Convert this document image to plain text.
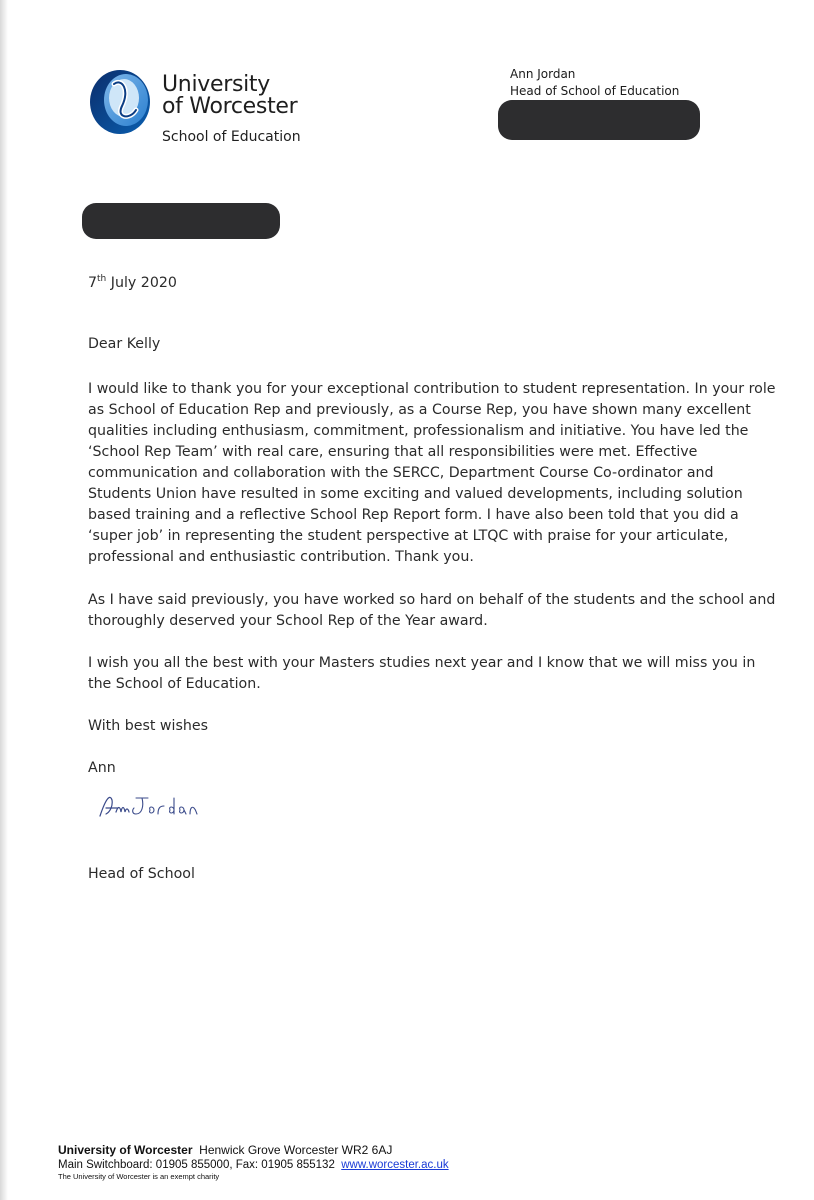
University
of Worcester
School of Education
Ann Jordan
Head of School of Education

7th July 2020

Dear Kelly

I would like to thank you for your exceptional contribution to student representation. In your role as School of Education Rep and previously, as a Course Rep, you have shown many excellent qualities including enthusiasm, commitment, professionalism and initiative. You have led the ‘School Rep Team’ with real care, ensuring that all responsibilities were met. Effective communication and collaboration with the SERCC, Department Course Co-ordinator and Students Union have resulted in some exciting and valued developments, including solution based training and a reflective School Rep Report form. I have also been told that you did a ‘super job’ in representing the student perspective at LTQC with praise for your articulate, professional and enthusiastic contribution. Thank you.

As I have said previously, you have worked so hard on behalf of the students and the school and thoroughly deserved your School Rep of the Year award.

I wish you all the best with your Masters studies next year and I know that we will miss you in the School of Education.

With best wishes

Ann

Head of School

University of Worcester Henwick Grove Worcester WR2 6AJ
Main Switchboard: 01905 855000, Fax: 01905 855132 www.worcester.ac.uk
The University of Worcester is an exempt charity
